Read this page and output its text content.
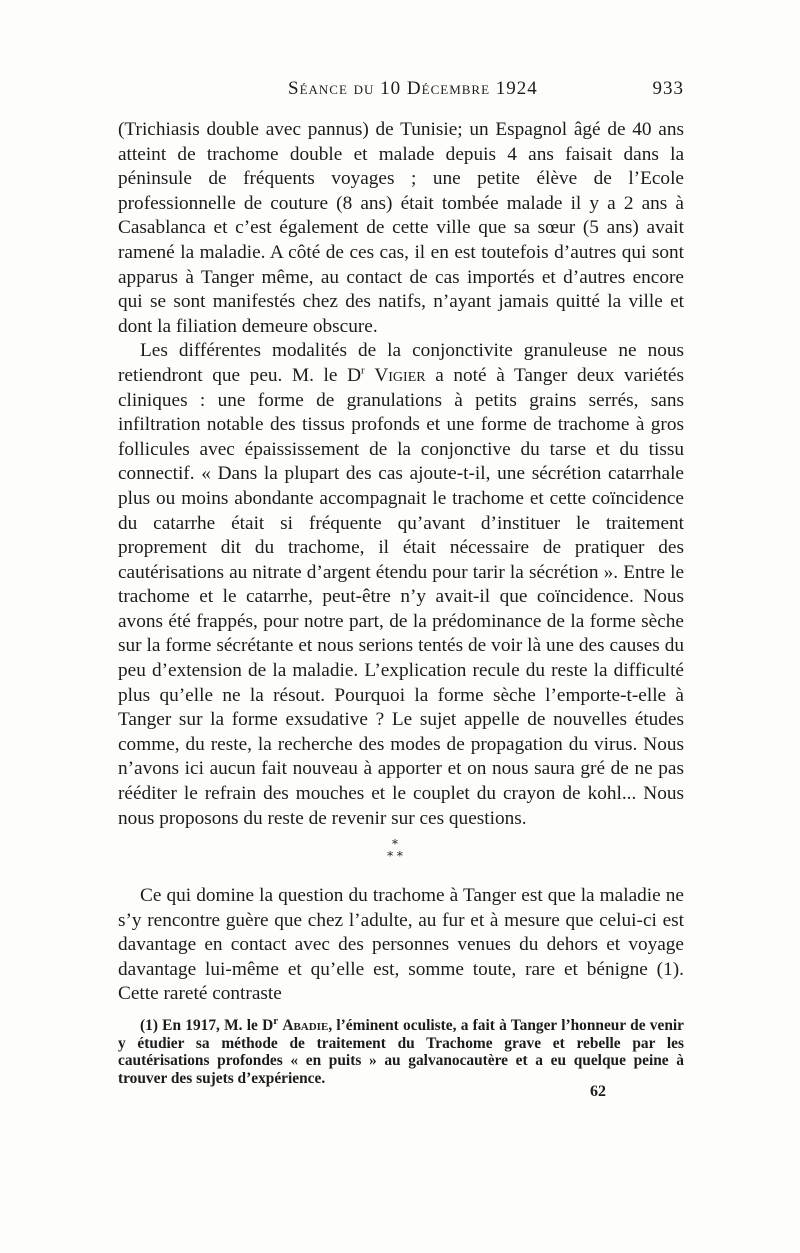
Séance du 10 Décembre 1924	933

(Trichiasis double avec pannus) de Tunisie; un Espagnol âgé de 40 ans atteint de trachome double et malade depuis 4 ans faisait dans la péninsule de fréquents voyages ; une petite élève de l’Ecole professionnelle de couture (8 ans) était tombée malade il y a 2 ans à Casablanca et c’est également de cette ville que sa sœur (5 ans) avait ramené la maladie. A côté de ces cas, il en est toutefois d’autres qui sont apparus à Tanger même, au contact de cas importés et d’autres encore qui se sont manifestés chez des natifs, n’ayant jamais quitté la ville et dont la filiation demeure obscure.

Les différentes modalités de la conjonctivite granuleuse ne nous retiendront que peu. M. le $D^r$ Vigier a noté à Tanger deux variétés cliniques : une forme de granulations à petits grains serrés, sans infiltration notable des tissus profonds et une forme de trachome à gros follicules avec épaississement de la conjonctive du tarse et du tissu connectif. « Dans la plupart des cas ajoute-t-il, une sécrétion catarrhale plus ou moins abondante accompagnait le trachome et cette coïncidence du catarrhe était si fréquente qu’avant d’instituer le traitement proprement dit du trachome, il était nécessaire de pratiquer des cautérisations au nitrate d’argent étendu pour tarir la sécrétion ». Entre le trachome et le catarrhe, peut-être n’y avait-il que coïncidence. Nous avons été frappés, pour notre part, de la prédominance de la forme sèche sur la forme sécrétante et nous serions tentés de voir là une des causes du peu d’extension de la maladie. L’explication recule du reste la difficulté plus qu’elle ne la résout. Pourquoi la forme sèche l’emporte-t-elle à Tanger sur la forme exsudative ? Le sujet appelle de nouvelles études comme, du reste, la recherche des modes de propagation du virus. Nous n’avons ici aucun fait nouveau à apporter et on nous saura gré de ne pas rééditer le refrain des mouches et le couplet du crayon de kohl... Nous nous proposons du reste de revenir sur ces questions.

*
* *

Ce qui domine la question du trachome à Tanger est que la maladie ne s’y rencontre guère que chez l’adulte, au fur et à mesure que celui-ci est davantage en contact avec des personnes venues du dehors et voyage davantage lui-même et qu’elle est, somme toute, rare et bénigne (1). Cette rareté contraste

(1) En 1917, M. le $D^r$ Abadie, l’éminent oculiste, a fait à Tanger l’honneur de venir y étudier sa méthode de traitement du Trachome grave et rebelle par les cautérisations profondes « en puits » au galvanocautère et a eu quelque peine à trouver des sujets d’expérience.

62
